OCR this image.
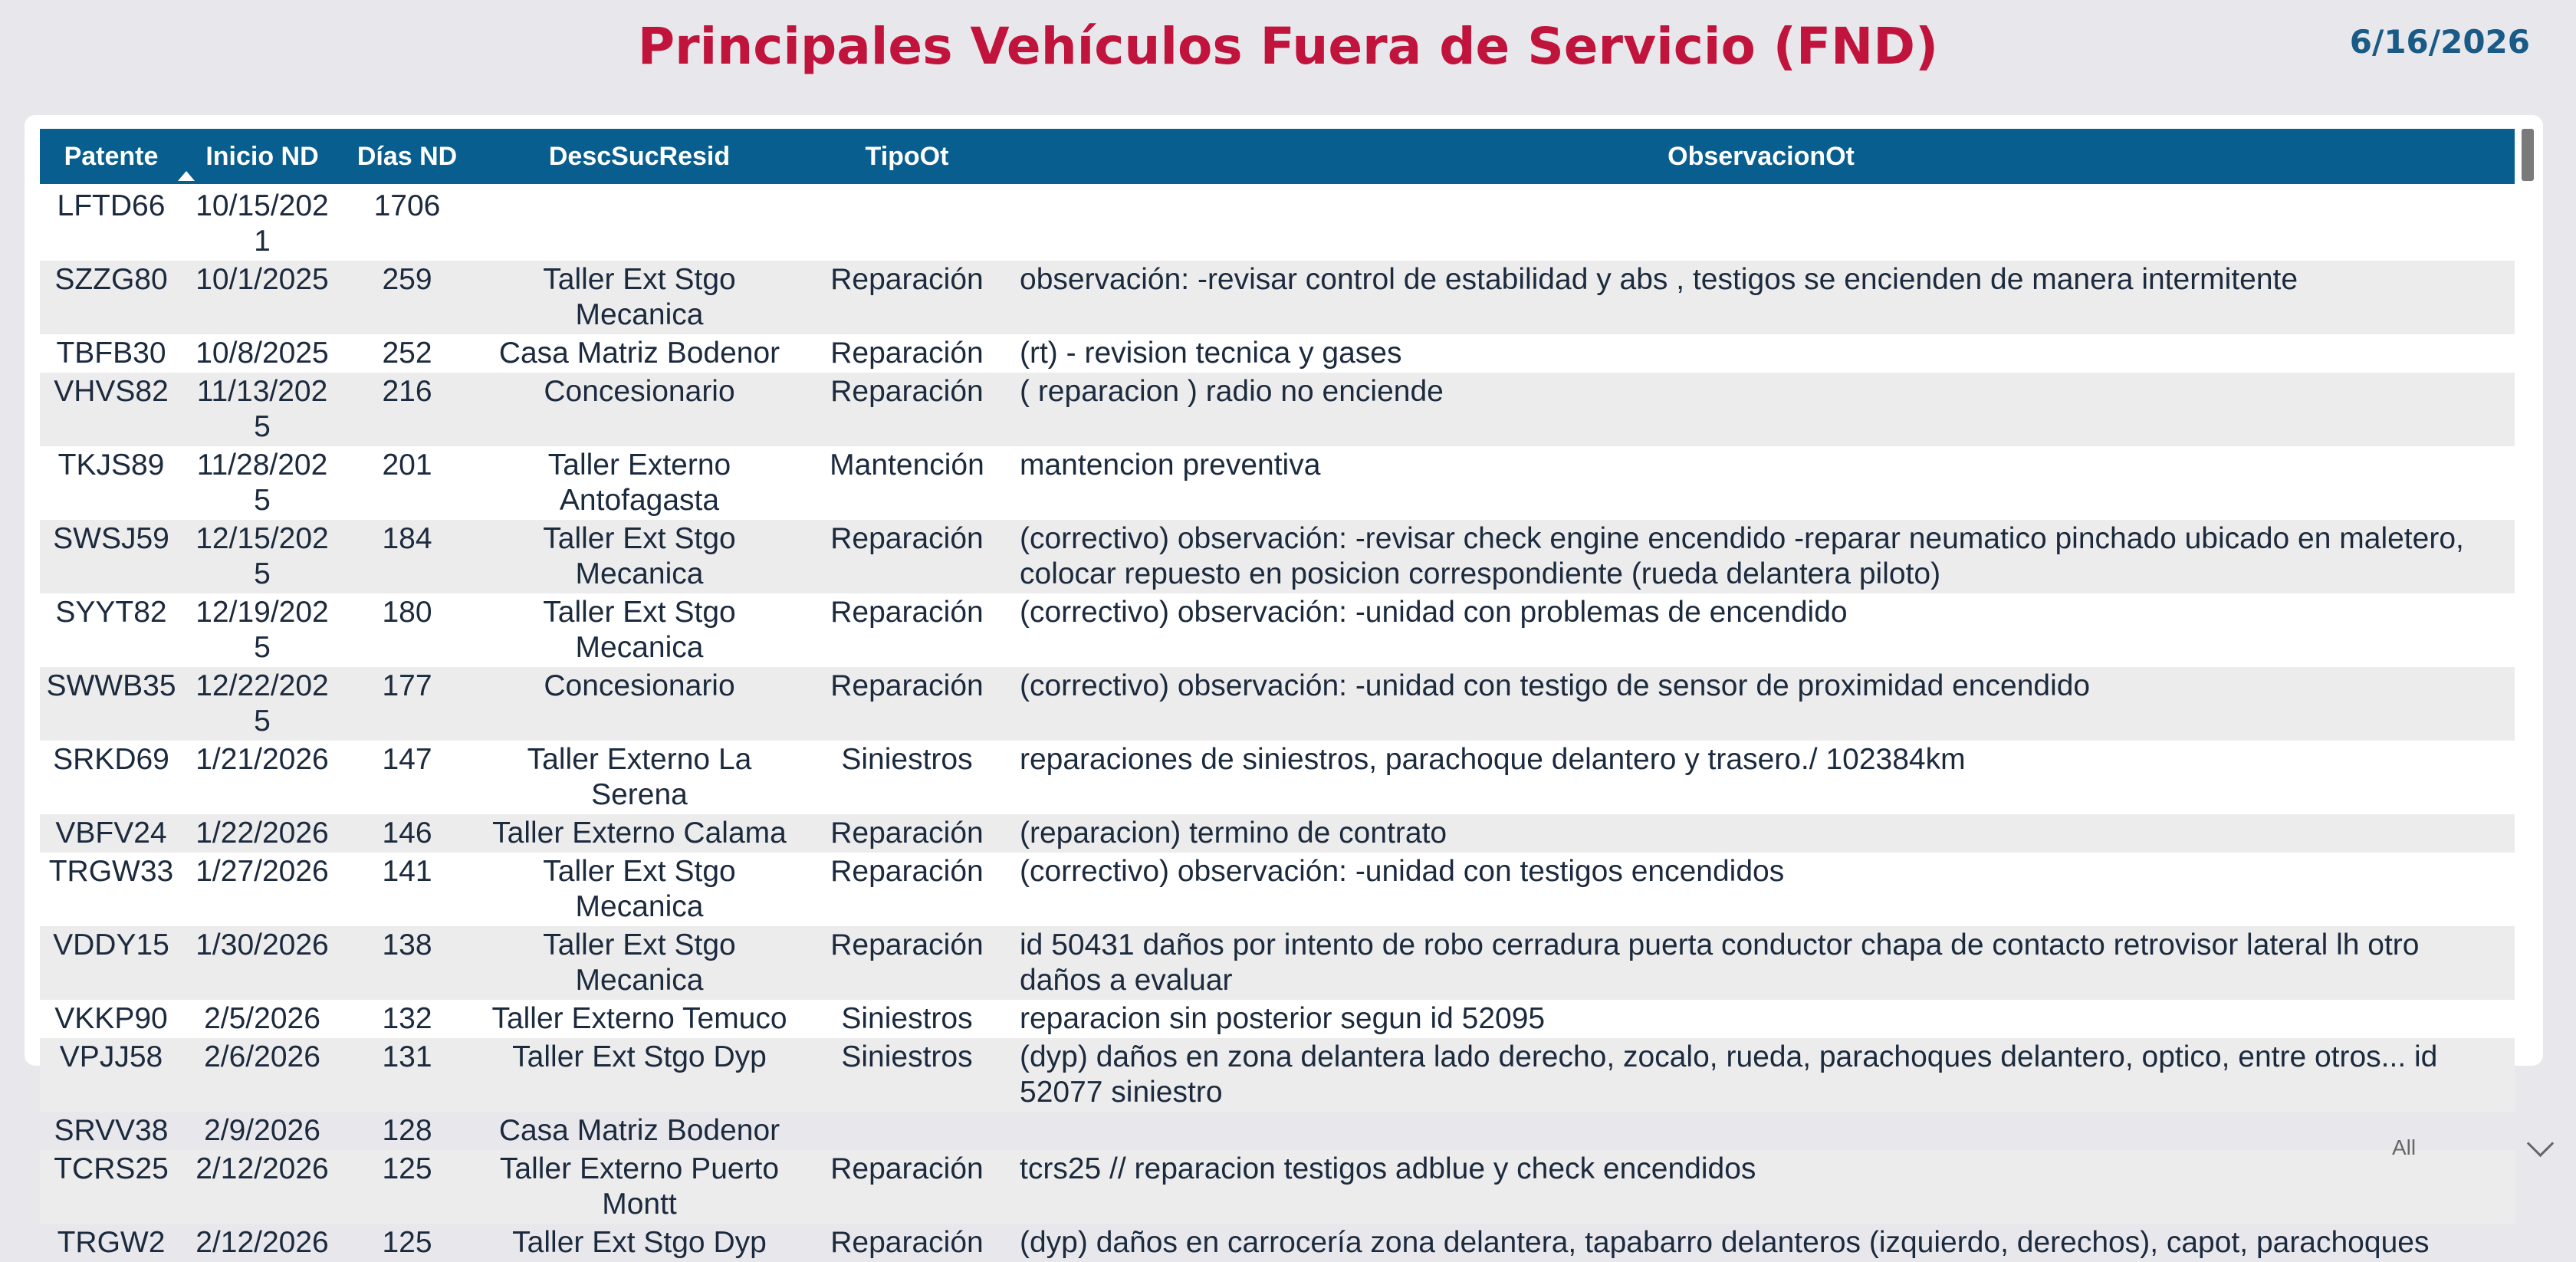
Principales Vehículos Fuera de Servicio (FND)	6/16/2026
Patente	Inicio ND	Días ND	DescSucResid	TipoOt	ObservacionOt
LFTD66	10/15/2021	1706			
SZZG80	10/1/2025	259	Taller Ext Stgo Mecanica	Reparación	observación: -revisar control de estabilidad y abs , testigos se encienden de manera intermitente
TBFB30	10/8/2025	252	Casa Matriz Bodenor	Reparación	(rt) - revision tecnica y gases
VHVS82	11/13/2025	216	Concesionario	Reparación	( reparacion ) radio no enciende
TKJS89	11/28/2025	201	Taller Externo Antofagasta	Mantención	mantencion preventiva
SWSJ59	12/15/2025	184	Taller Ext Stgo Mecanica	Reparación	(correctivo) observación: -revisar check engine encendido -reparar neumatico pinchado ubicado en maletero, colocar repuesto en posicion correspondiente (rueda delantera piloto)
SYYT82	12/19/2025	180	Taller Ext Stgo Mecanica	Reparación	(correctivo) observación: -unidad con problemas de encendido
SWWB35	12/22/2025	177	Concesionario	Reparación	(correctivo) observación: -unidad con testigo de sensor de proximidad encendido
SRKD69	1/21/2026	147	Taller Externo La Serena	Siniestros	reparaciones de siniestros, parachoque delantero y trasero./ 102384km
VBFV24	1/22/2026	146	Taller Externo Calama	Reparación	(reparacion) termino de contrato
TRGW33	1/27/2026	141	Taller Ext Stgo Mecanica	Reparación	(correctivo) observación: -unidad con testigos encendidos
VDDY15	1/30/2026	138	Taller Ext Stgo Mecanica	Reparación	id 50431 daños por intento de robo cerradura puerta conductor chapa de contacto retrovisor lateral lh otro daños a evaluar
VKKP90	2/5/2026	132	Taller Externo Temuco	Siniestros	reparacion sin posterior segun id 52095
VPJJ58	2/6/2026	131	Taller Ext Stgo Dyp	Siniestros	(dyp) daños en zona delantera lado derecho, zocalo, rueda, parachoques delantero, optico, entre otros... id 52077 siniestro
SRVV38	2/9/2026	128	Casa Matriz Bodenor		
TCRS25	2/12/2026	125	Taller Externo Puerto Montt	Reparación	tcrs25 // reparacion testigos adblue y check encendidos
TRGW2	2/12/2026	125	Taller Ext Stgo Dyp	Reparación	(dyp) daños en carrocería zona delantera, tapabarro delanteros (izquierdo, derechos), capot, parachoques
All
